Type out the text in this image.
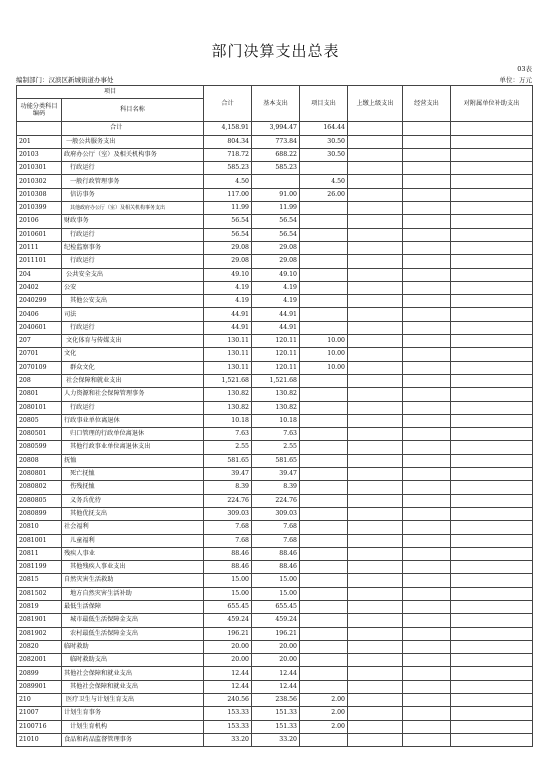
部门决算支出总表
03表
编制部门：汉滨区新城街道办事处	单位：万元
项目		合计	基本支出	项目支出	上缴上级支出	经营支出	对附属单位补助支出
功能分类科目编码	科目名称						
	合计	4,158.91	3,994.47	164.44			
201	一般公共服务支出	804.34	773.84	30.50			
20103	政府办公厅（室）及相关机构事务	718.72	688.22	30.50			
2010301	行政运行	585.23	585.23				
2010302	一般行政管理事务	4.50		4.50			
2010308	信访事务	117.00	91.00	26.00			
2010399	其他政府办公厅（室）及相关机构事务支出	11.99	11.99				
20106	财政事务	56.54	56.54				
2010601	行政运行	56.54	56.54				
20111	纪检监察事务	29.08	29.08				
2011101	行政运行	29.08	29.08				
204	公共安全支出	49.10	49.10				
20402	公安	4.19	4.19				
2040299	其他公安支出	4.19	4.19				
20406	司法	44.91	44.91				
2040601	行政运行	44.91	44.91				
207	文化体育与传媒支出	130.11	120.11	10.00			
20701	文化	130.11	120.11	10.00			
2070109	群众文化	130.11	120.11	10.00			
208	社会保障和就业支出	1,521.68	1,521.68				
20801	人力资源和社会保障管理事务	130.82	130.82				
2080101	行政运行	130.82	130.82				
20805	行政事业单位离退休	10.18	10.18				
2080501	归口管理的行政单位离退休	7.63	7.63				
2080599	其他行政事业单位离退休支出	2.55	2.55				
20808	抚恤	581.65	581.65				
2080801	死亡抚恤	39.47	39.47				
2080802	伤残抚恤	8.39	8.39				
2080805	义务兵优待	224.76	224.76				
2080899	其他优抚支出	309.03	309.03				
20810	社会福利	7.68	7.68				
2081001	儿童福利	7.68	7.68				
20811	残疾人事业	88.46	88.46				
2081199	其他残疾人事业支出	88.46	88.46				
20815	自然灾害生活救助	15.00	15.00				
2081502	地方自然灾害生活补助	15.00	15.00				
20819	最低生活保障	655.45	655.45				
2081901	城市最低生活保障金支出	459.24	459.24				
2081902	农村最低生活保障金支出	196.21	196.21				
20820	临时救助	20.00	20.00				
2082001	临时救助支出	20.00	20.00				
20899	其他社会保障和就业支出	12.44	12.44				
2089901	其他社会保障和就业支出	12.44	12.44				
210	医疗卫生与计划生育支出	240.56	238.56	2.00			
21007	计划生育事务	153.33	151.33	2.00			
2100716	计划生育机构	153.33	151.33	2.00			
21010	食品和药品监督管理事务	33.20	33.20				
